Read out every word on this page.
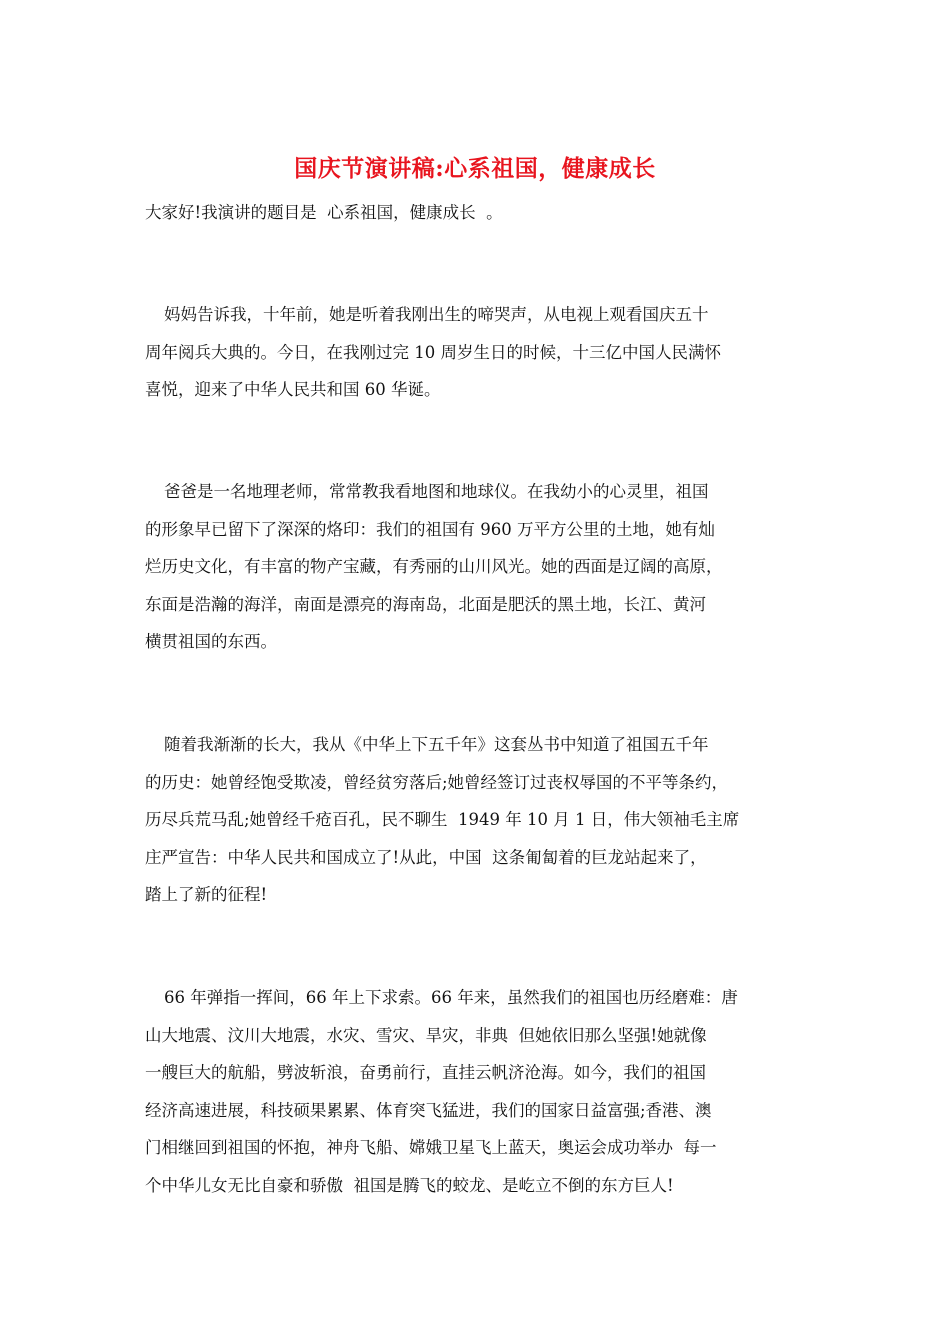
国庆节演讲稿:心系祖国，健康成长

大家好!我演讲的题目是  心系祖国，健康成长  。

妈妈告诉我，十年前，她是听着我刚出生的啼哭声，从电视上观看国庆五十
周年阅兵大典的。今日，在我刚过完 10 周岁生日的时候，十三亿中国人民满怀
喜悦，迎来了中华人民共和国 60 华诞。
爸爸是一名地理老师，常常教我看地图和地球仪。在我幼小的心灵里，祖国
的形象早已留下了深深的烙印：我们的祖国有 960 万平方公里的土地，她有灿
烂历史文化，有丰富的物产宝藏，有秀丽的山川风光。她的西面是辽阔的高原，
东面是浩瀚的海洋，南面是漂亮的海南岛，北面是肥沃的黑土地，长江、黄河
横贯祖国的东西。
随着我渐渐的长大，我从《中华上下五千年》这套丛书中知道了祖国五千年
的历史：她曾经饱受欺凌，曾经贫穷落后;她曾经签订过丧权辱国的不平等条约，
历尽兵荒马乱;她曾经千疮百孔，民不聊生  1949 年 10 月 1 日，伟大领袖毛主席
庄严宣告：中华人民共和国成立了!从此，中国  这条匍匐着的巨龙站起来了，
踏上了新的征程!
66 年弹指一挥间，66 年上下求索。66 年来，虽然我们的祖国也历经磨难：唐
山大地震、汶川大地震，水灾、雪灾、旱灾，非典  但她依旧那么坚强!她就像
一艘巨大的航船，劈波斩浪，奋勇前行，直挂云帆济沧海。如今，我们的祖国
经济高速进展，科技硕果累累、体育突飞猛进，我们的国家日益富强;香港、澳
门相继回到祖国的怀抱，神舟飞船、嫦娥卫星飞上蓝天，奥运会成功举办  每一
个中华儿女无比自豪和骄傲  祖国是腾飞的蛟龙、是屹立不倒的东方巨人!
